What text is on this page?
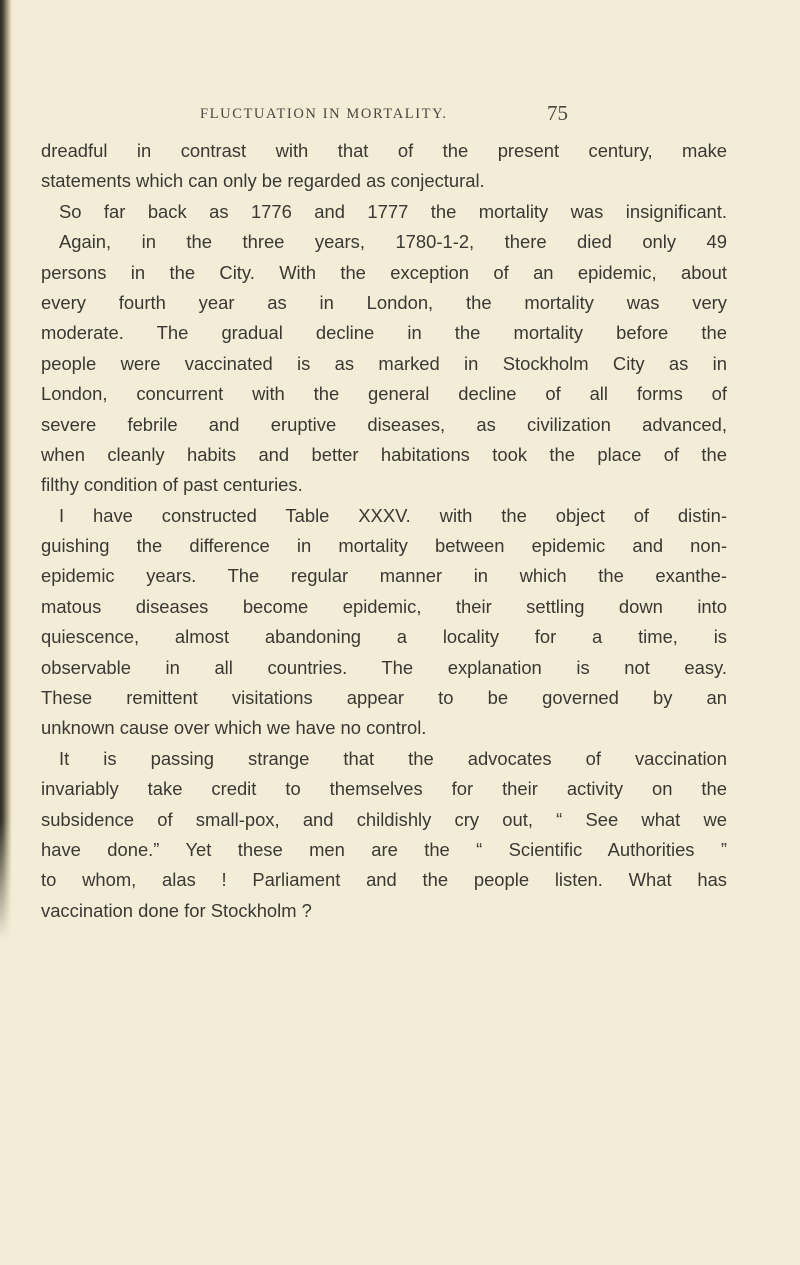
FLUCTUATION IN MORTALITY.	75
dreadful in contrast with that of the present century, make
statements which can only be regarded as conjectural.
So far back as 1776 and 1777 the mortality was insignificant.
Again, in the three years, 1780-1-2, there died only 49
persons in the City. With the exception of an epidemic, about
every fourth year as in London, the mortality was very
moderate. The gradual decline in the mortality before the
people were vaccinated is as marked in Stockholm City as in
London, concurrent with the general decline of all forms of
severe febrile and eruptive diseases, as civilization advanced,
when cleanly habits and better habitations took the place of the
filthy condition of past centuries.
I have constructed Table XXXV. with the object of distin-
guishing the difference in mortality between epidemic and non-
epidemic years. The regular manner in which the exanthe-
matous diseases become epidemic, their settling down into
quiescence, almost abandoning a locality for a time, is
observable in all countries. The explanation is not easy.
These remittent visitations appear to be governed by an
unknown cause over which we have no control.
It is passing strange that the advocates of vaccination
invariably take credit to themselves for their activity on the
subsidence of small-pox, and childishly cry out, “ See what we
have done.” Yet these men are the “ Scientific Authorities ”
to whom, alas ! Parliament and the people listen. What has
vaccination done for Stockholm ?
